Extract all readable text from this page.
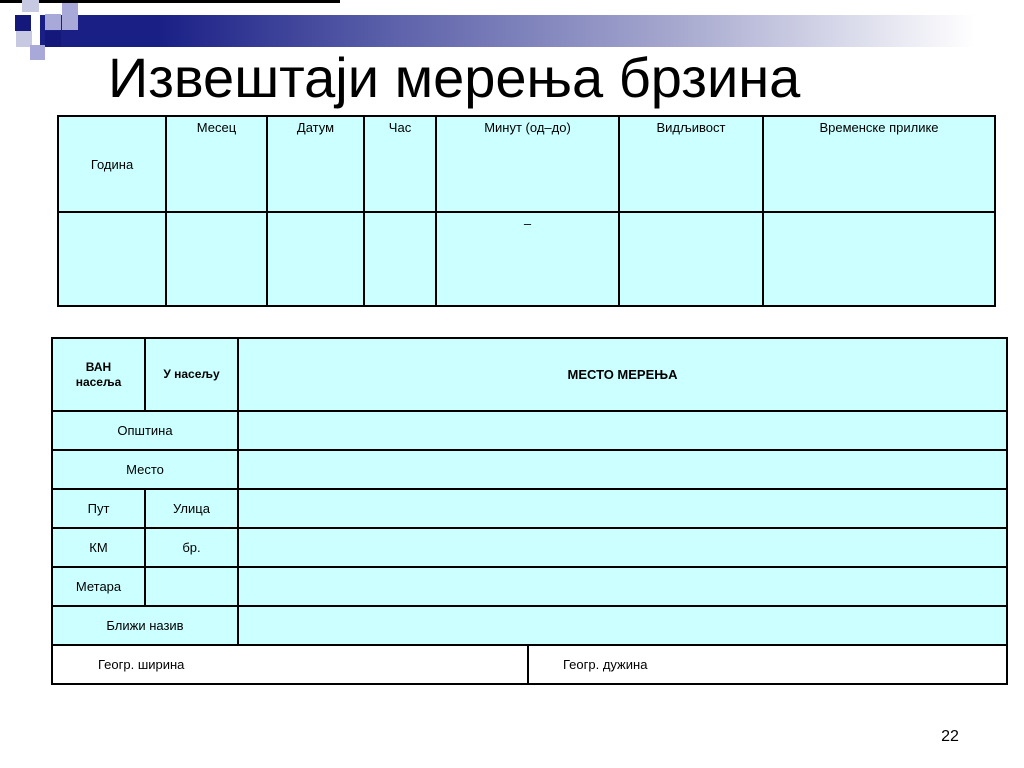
Извештаји мерења брзина
Година	Месец	Датум	Час	Минут (од–до)	Видљивост	Временске прилике
				–		
ВАН
насеља	У насељу	МЕСТО МЕРЕЊА	
Општина			
Место			
Пут	Улица		
КМ	бр.		
Метара			
Ближи назив			
Геогр. ширина			Геогр. дужина
22
